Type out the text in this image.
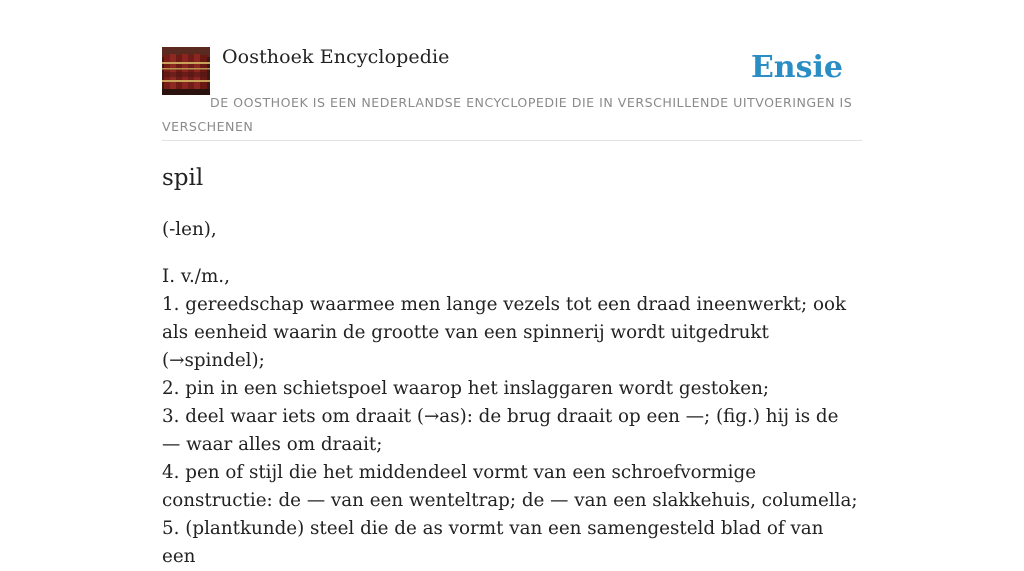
Oosthoek Encyclopedie	Ensie
DE OOSTHOEK IS EEN NEDERLANDSE ENCYCLOPEDIE DIE IN VERSCHILLENDE UITVOERINGEN IS VERSCHENEN
spil

(-len),

I. v./m.,
1. gereedschap waarmee men lange vezels tot een draad ineenwerkt; ook als eenheid waarin de grootte van een spinnerij wordt uitgedrukt (→spindel);
2. pin in een schietspoel waarop het inslaggaren wordt gestoken;
3. deel waar iets om draait (→as): de brug draait op een —; (fig.) hij is de — waar alles om draait;
4. pen of stijl die het middendeel vormt van een schroefvormige constructie: de — van een wenteltrap; de — van een slakkehuis, columella;
5. (plantkunde) steel die de as vormt van een samengesteld blad of van een
